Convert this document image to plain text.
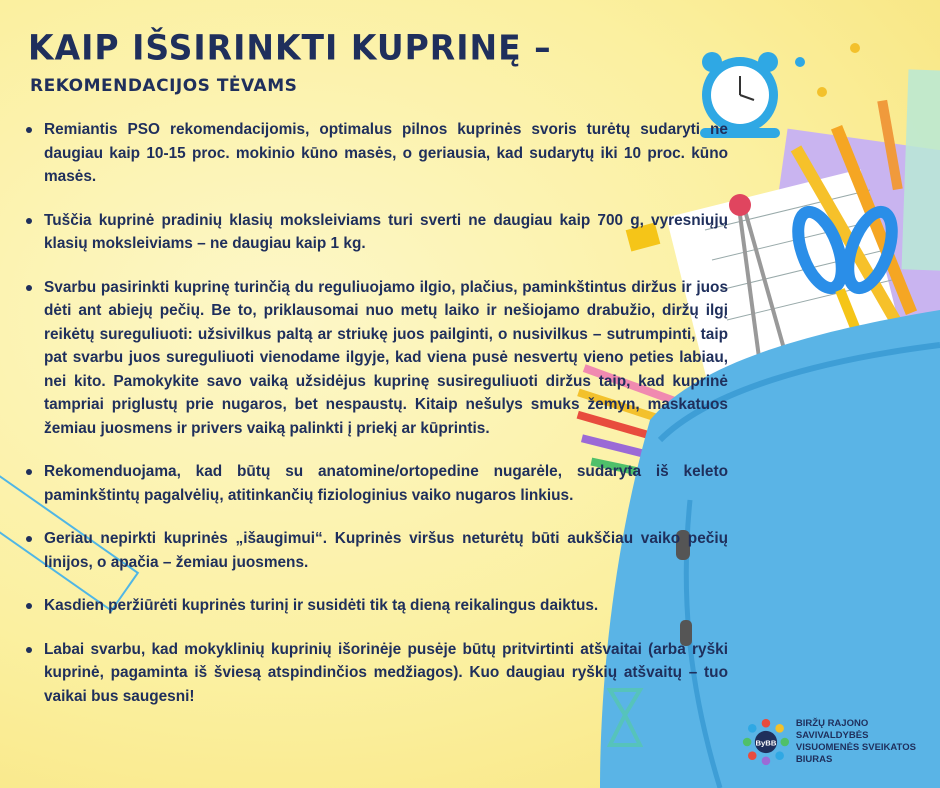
KAIP IŠSIRINKTI KUPRINĘ –
REKOMENDACIJOS TĖVAMS
Remiantis PSO rekomendacijomis, optimalus pilnos kuprinės svoris turėtų sudaryti ne daugiau kaip 10-15 proc. mokinio kūno masės, o geriausia, kad sudarytų iki 10 proc. kūno masės.
Tuščia kuprinė pradinių klasių moksleiviams turi sverti ne daugiau kaip 700 g, vyresniųjų klasių moksleiviams – ne daugiau kaip 1 kg.
Svarbu pasirinkti kuprinę turinčią du reguliuojamo ilgio, plačius, paminkštintus diržus ir juos dėti ant abiejų pečių. Be to, priklausomai nuo metų laiko ir nešiojamo drabužio, diržų ilgį reikėtų sureguliuoti: užsivilkus paltą ar striukę juos pailginti, o nusivilkus – sutrumpinti, taip pat svarbu juos sureguliuoti vienodame ilgyje, kad viena pusė nesvertų vieno peties labiau, nei kito. Pamokykite savo vaiką užsidėjus kuprinę susireguliuoti diržus taip, kad kuprinė tampriai priglustų prie nugaros, bet nespaustų. Kitaip nešulys smuks žemyn, maskatuos žemiau juosmens ir privers vaiką palinkti į priekį ar kūprintis.
Rekomenduojama, kad būtų su anatomine/ortopedine nugarėle, sudaryta iš keleto paminkštintų pagalvėlių, atitinkančių fiziologinius vaiko nugaros linkius.
Geriau nepirkti kuprinės „išaugimui“. Kuprinės viršus neturėtų būti aukščiau vaiko pečių linijos, o apačia – žemiau juosmens.
Kasdien peržiūrėti kuprinės turinį ir susidėti tik tą dieną reikalingus daiktus.
Labai svarbu, kad mokyklinių kuprinių išorinėje pusėje būtų pritvirtinti atšvaitai (arba ryški kuprinė, pagaminta iš šviesą atspindinčios medžiagos). Kuo daugiau ryškių atšvaitų – tuo vaikai bus saugesni!
ByBB
BIRŽŲ RAJONO SAVIVALDYBĖS
VISUOMENĖS SVEIKATOS BIURAS
